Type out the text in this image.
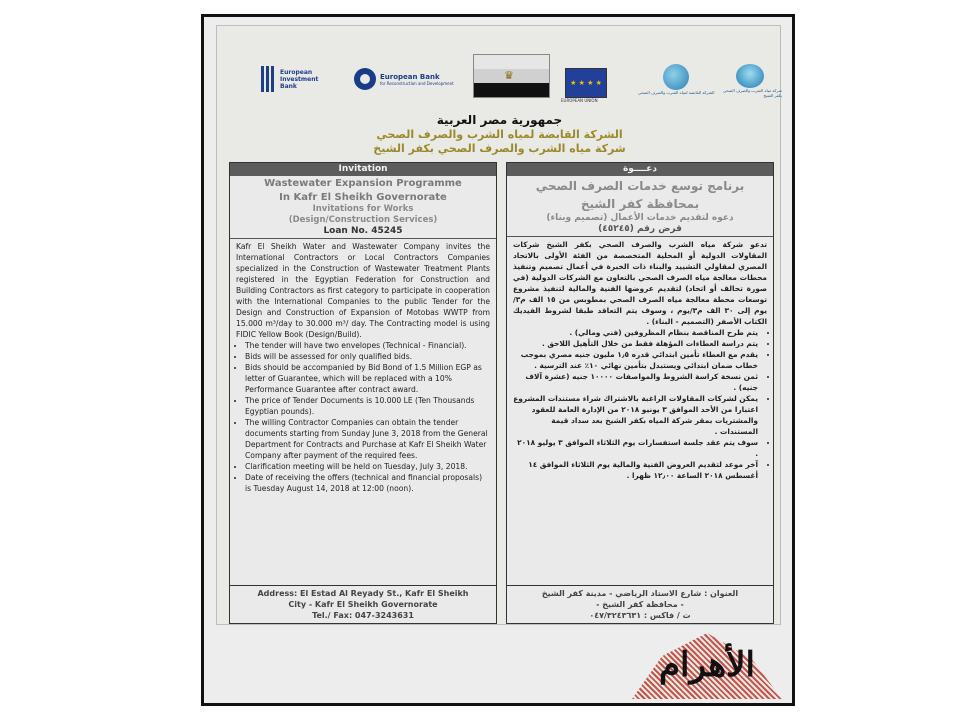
European
Investment
Bank
European Bank
for Reconstruction and Development
♛
★ ★ ★ ★
EUROPEAN UNION
الشركة القابضة لمياه الشرب والصرف الصحي	شركة مياه الشرب والصرف الصحي بكفر الشيخ
جمهورية مصر العربية
الشركة القابضة لمياه الشرب والصرف الصحي
شركة مياه الشرب والصرف الصحي بكفر الشيخ
Invitation
Wastewater Expansion Programme
In Kafr El Sheikh Governorate
Invitations for Works
(Design/Construction Services)
Loan No. 45245
Kafr El Sheikh Water and Wastewater Company invites the International Contractors or Local Contractors Companies specialized in the Construction of Wastewater Treatment Plants registered in the Egyptian Federation for Construction and Building Contractors as first category to participate in cooperation with the International Companies to the public Tender for the Design and Construction of Expansion of Motobas WWTP from 15.000 m³/day to 30.000 m³/ day. The Contracting model is using FIDIC Yellow Book (Design/Build).
• The tender will have two envelopes (Technical - Financial).
• Bids will be assessed for only qualified bids.
• Bids should be accompanied by Bid Bond of 1.5 Million EGP as letter of Guarantee, which will be replaced with a 10% Performance Guarantee after contract award.
• The price of Tender Documents is 10.000 LE (Ten Thousands Egyptian pounds).
• The willing Contractor Companies can obtain the tender documents starting from Sunday June 3, 2018 from the General Department for Contracts and Purchase at Kafr El Sheikh Water Company after payment of the required fees.
• Clarification meeting will be held on Tuesday, July 3, 2018.
• Date of receiving the offers (technical and financial proposals) is Tuesday August 14, 2018 at 12:00 (noon).
Address: El Estad Al Reyady St., Kafr El Sheikh
City - Kafr El Sheikh Governorate
Tel./ Fax: 047-3243631
دعــــوة
برنامج توسع خدمات الصرف الصحي
بمحافظة كفر الشيخ
دعوه لتقديم خدمات الأعمال (تصميم وبناء)
قرض رقم (٤٥٢٤٥)
تدعو شركة مياه الشرب والصرف الصحي بكفر الشيخ شركات المقاولات الدولية أو المحلية المتخصصة من الفئة الأولى بالاتحاد المصري لمقاولي التشييد والبناء ذات الخبرة في أعمال تصميم وتنفيذ محطات معالجة مياه الصرف الصحي بالتعاون مع الشركات الدولية (في صورة تحالف أو اتحاد) لتقديم عروضها الفنية والمالية لتنفيذ مشروع توسعات محطة معالجة مياه الصرف الصحي بمطوبس من ١٥ الف م٣/يوم إلى ٣٠ الف م٣/يوم ، وسوف يتم التعاقد طبقا لشروط الفيديك الكتاب الأصفر (التصميم - البناء) .
• يتم طرح المناقصة بنظام المظروفين (فني ومالي) .
• يتم دراسة العطاءات المؤهلة فقط من خلال التأهيل اللاحق .
• يقدم مع العطاء تأمين ابتدائي قدره ١٫٥ مليون جنيه مصري بموجب خطاب ضمان ابتدائي ويستبدل بتأمين نهائي ١٠٪ عند الترسية .
• ثمن نسخة كراسة الشروط والمواصفات ١٠٠٠٠ جنيه (عشرة آلاف جنيه) .
• يمكن لشركات المقاولات الراغبة بالاشتراك شراء مستندات المشروع اعتبارا من الأحد الموافق ٣ يونيو ٢٠١٨ من الإدارة العامة للعقود والمشتريات بمقر شركة المياه بكفر الشيخ بعد سداد قيمة المستندات .
• سوف يتم عقد جلسة استفسارات يوم الثلاثاء الموافق ٣ يوليو ٢٠١٨ .
• آخر موعد لتقديم العروض الفنية والمالية يوم الثلاثاء الموافق ١٤ أغسطس ٢٠١٨ الساعة ١٢٫٠٠ ظهرا .
العنوان : شارع الاستاد الرياضي - مدينة كفر الشيخ
- محافظة كفر الشيخ -
ت / فاكس : ٠٤٧/٣٢٤٣٦٣١
الأهرام
